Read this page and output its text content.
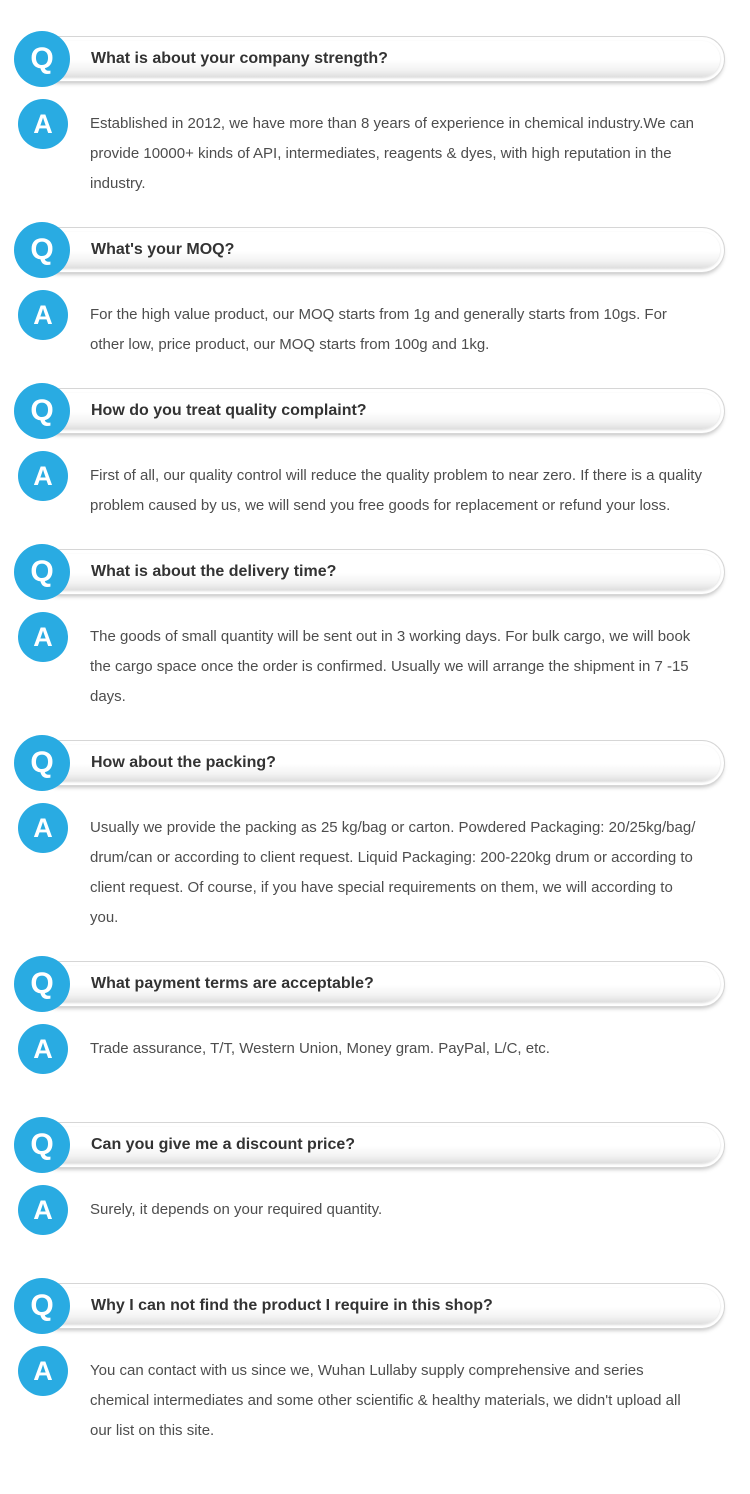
What is about your company strength?
Q
A	Established in 2012, we have more than 8 years of experience in chemical industry.We can provide 10000+ kinds of API, intermediates, reagents & dyes, with high reputation in the industry.

What's your MOQ?
Q
A	For the high value product, our MOQ starts from 1g and generally starts from 10gs. For other low, price product, our MOQ starts from 100g and 1kg.

How do you treat quality complaint?
Q
A	First of all, our quality control will reduce the quality problem to near zero. If there is a quality problem caused by us, we will send you free goods for replacement or refund your loss.

What is about the delivery time?
Q
A	The goods of small quantity will be sent out in 3 working days. For bulk cargo, we will book the cargo space once the order is confirmed. Usually we will arrange the shipment in 7 -15 days.

How about the packing?
Q
A	Usually we provide the packing as 25 kg/bag or carton. Powdered Packaging: 20/25kg/bag/ drum/can or according to client request. Liquid Packaging: 200-220kg drum or according to client request. Of course, if you have special requirements on them, we will according to you.

What payment terms are acceptable?
Q
A	Trade assurance, T/T, Western Union, Money gram. PayPal, L/C, etc.

Can you give me a discount price?
Q
A	Surely, it depends on your required quantity.

Why I can not find the product I require in this shop?
Q
A	You can contact with us since we, Wuhan Lullaby supply comprehensive and series chemical intermediates and some other scientific & healthy materials, we didn't upload all our list on this site.
